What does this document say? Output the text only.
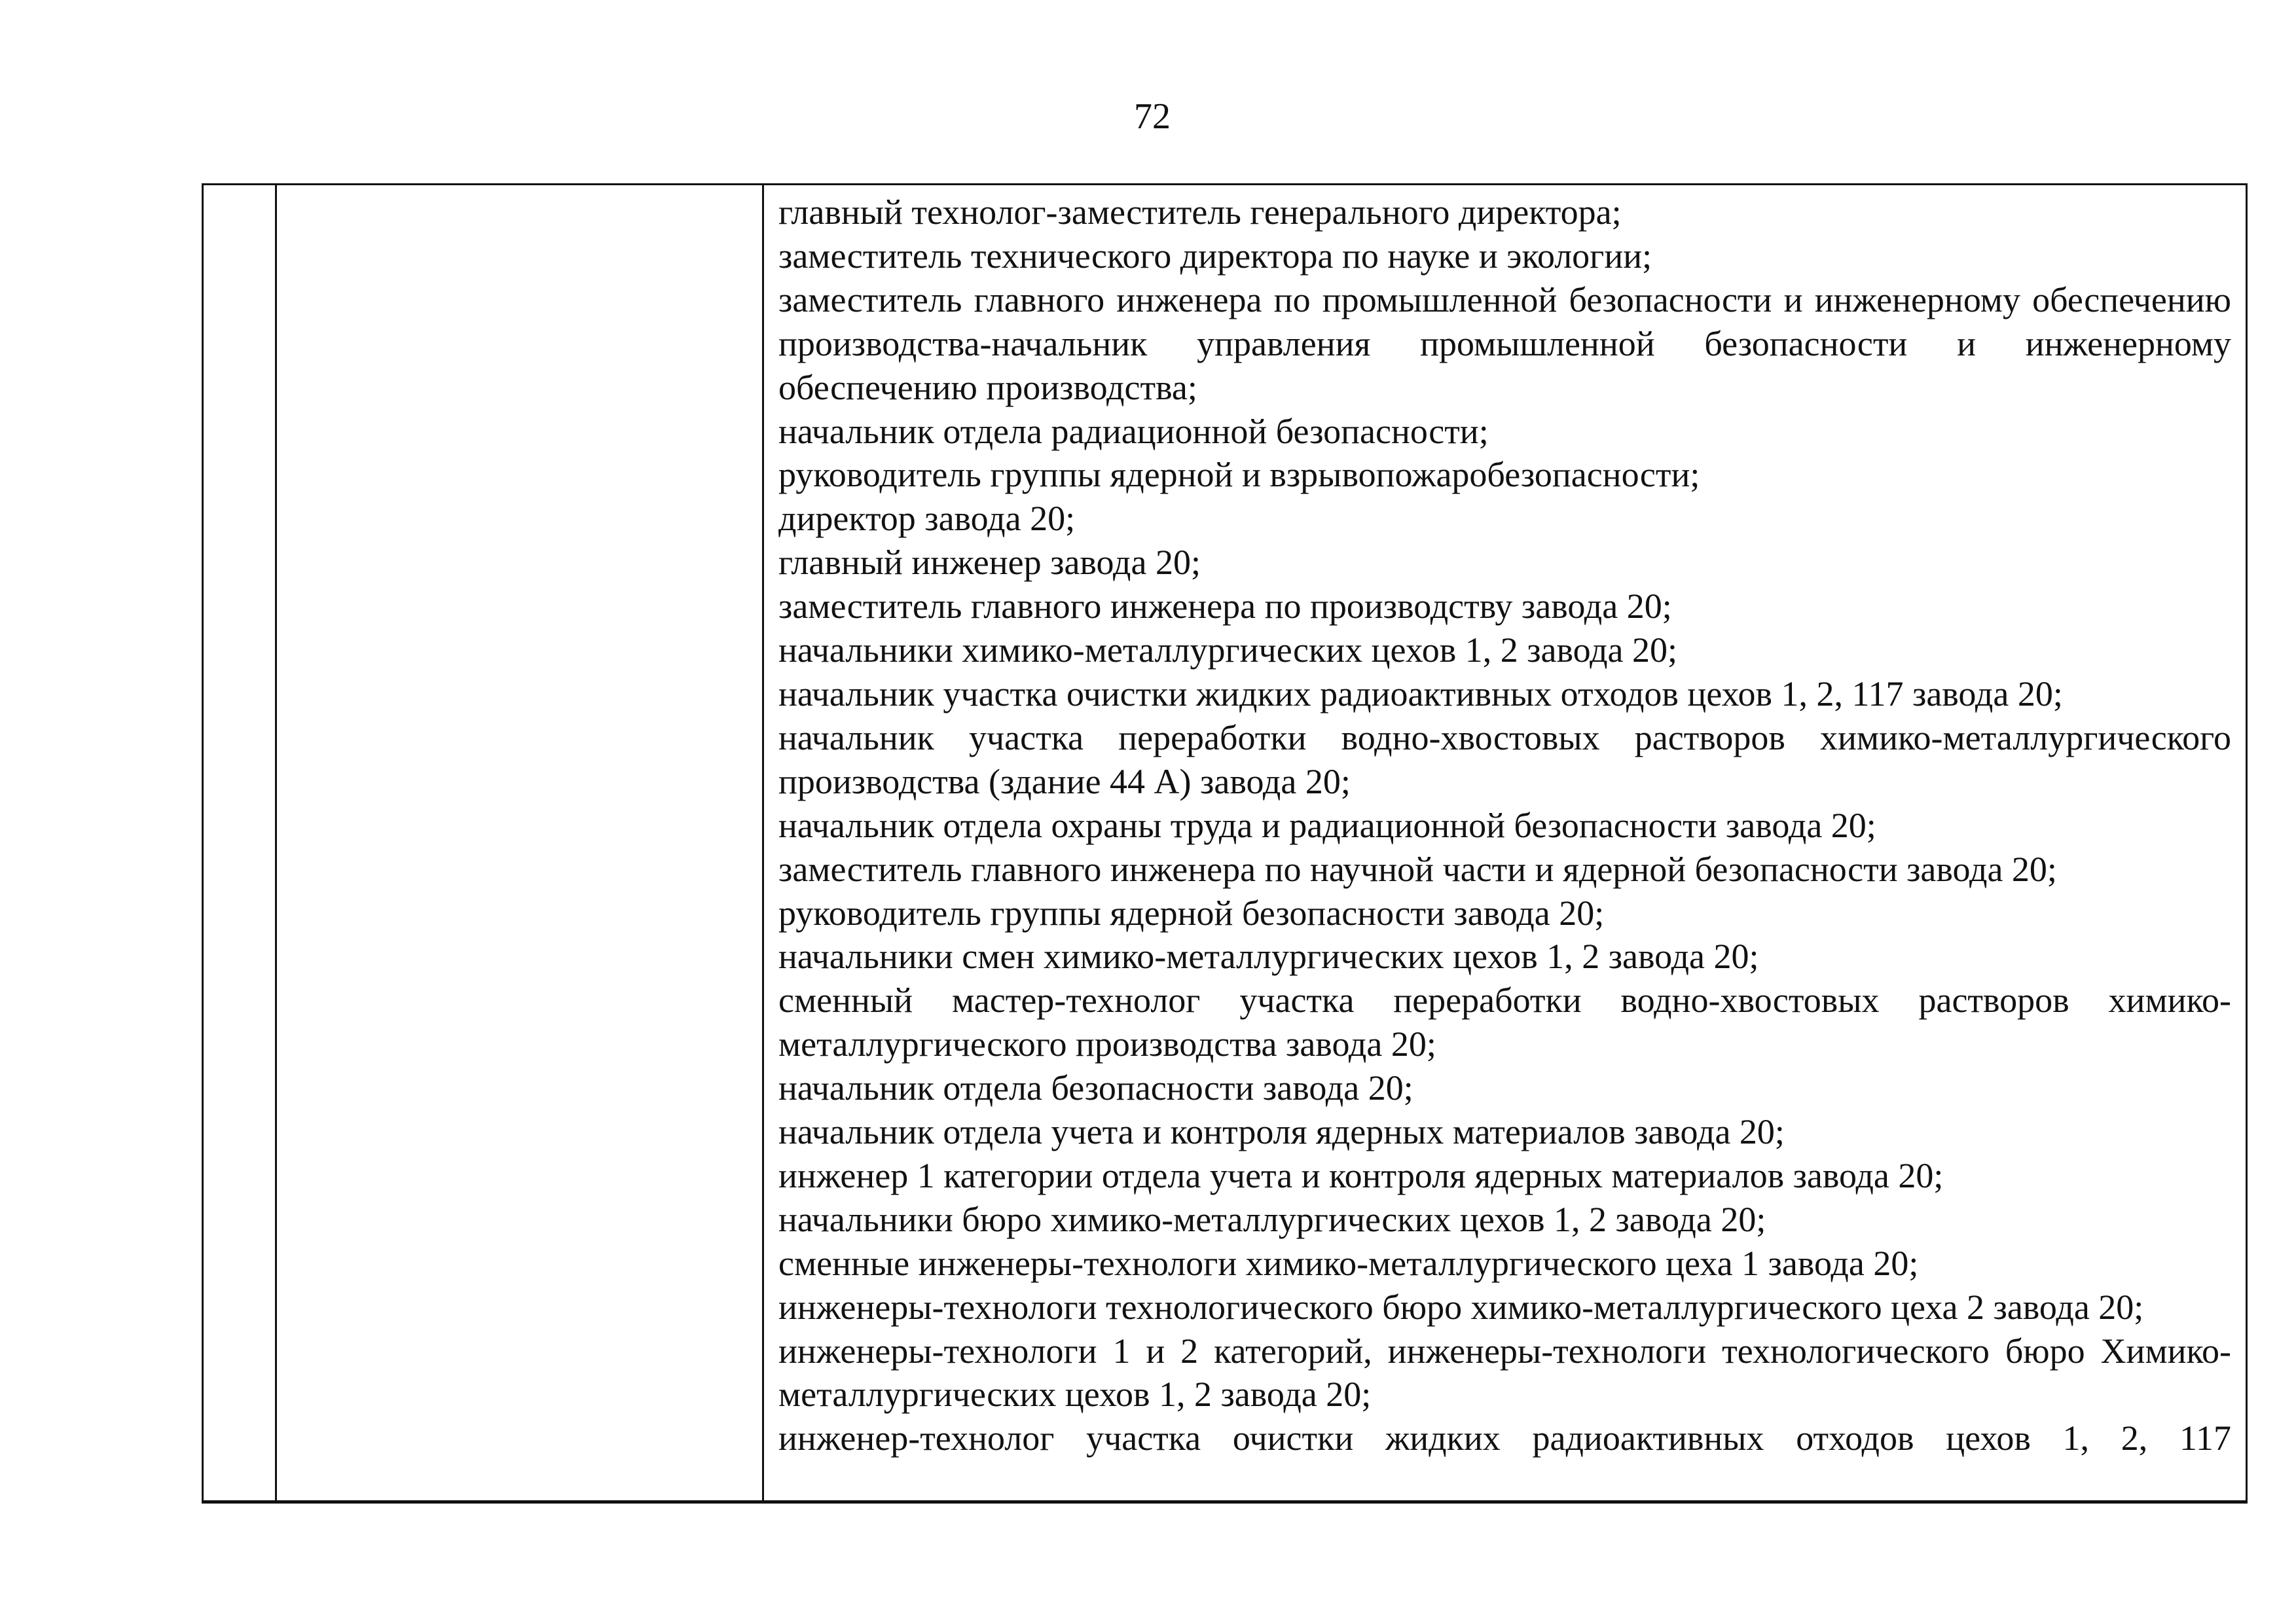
72

главный технолог-заместитель генерального директора;
заместитель технического директора по науке и экологии;
заместитель главного инженера по промышленной безопасности и инженерному обеспечению производства-начальник управления промышленной безопасности и инженерному обеспечению производства;
начальник отдела радиационной безопасности;
руководитель группы ядерной и взрывопожаробезопасности;
директор завода 20;
главный инженер завода 20;
заместитель главного инженера по производству завода 20;
начальники химико-металлургических цехов 1, 2 завода 20;
начальник участка очистки жидких радиоактивных отходов цехов 1, 2, 117 завода 20;
начальник участка переработки водно-хвостовых растворов химико-металлургического производства (здание 44 А) завода 20;
начальник отдела охраны труда и радиационной безопасности завода 20;
заместитель главного инженера по научной части и ядерной безопасности завода 20;
руководитель группы ядерной безопасности завода 20;
начальники смен химико-металлургических цехов 1, 2 завода 20;
сменный мастер-технолог участка переработки водно-хвостовых растворов химико-металлургического производства завода 20;
начальник отдела безопасности завода 20;
начальник отдела учета и контроля ядерных материалов завода 20;
инженер 1 категории отдела учета и контроля ядерных материалов завода 20;
начальники бюро химико-металлургических цехов 1, 2 завода 20;
сменные инженеры-технологи химико-металлургического цеха 1 завода 20;
инженеры-технологи технологического бюро химико-металлургического цеха 2 завода 20;
инженеры-технологи 1 и 2 категорий, инженеры-технологи технологического бюро Химико-металлургических цехов 1, 2 завода 20;
инженер-технолог участка очистки жидких радиоактивных отходов цехов 1, 2, 117
